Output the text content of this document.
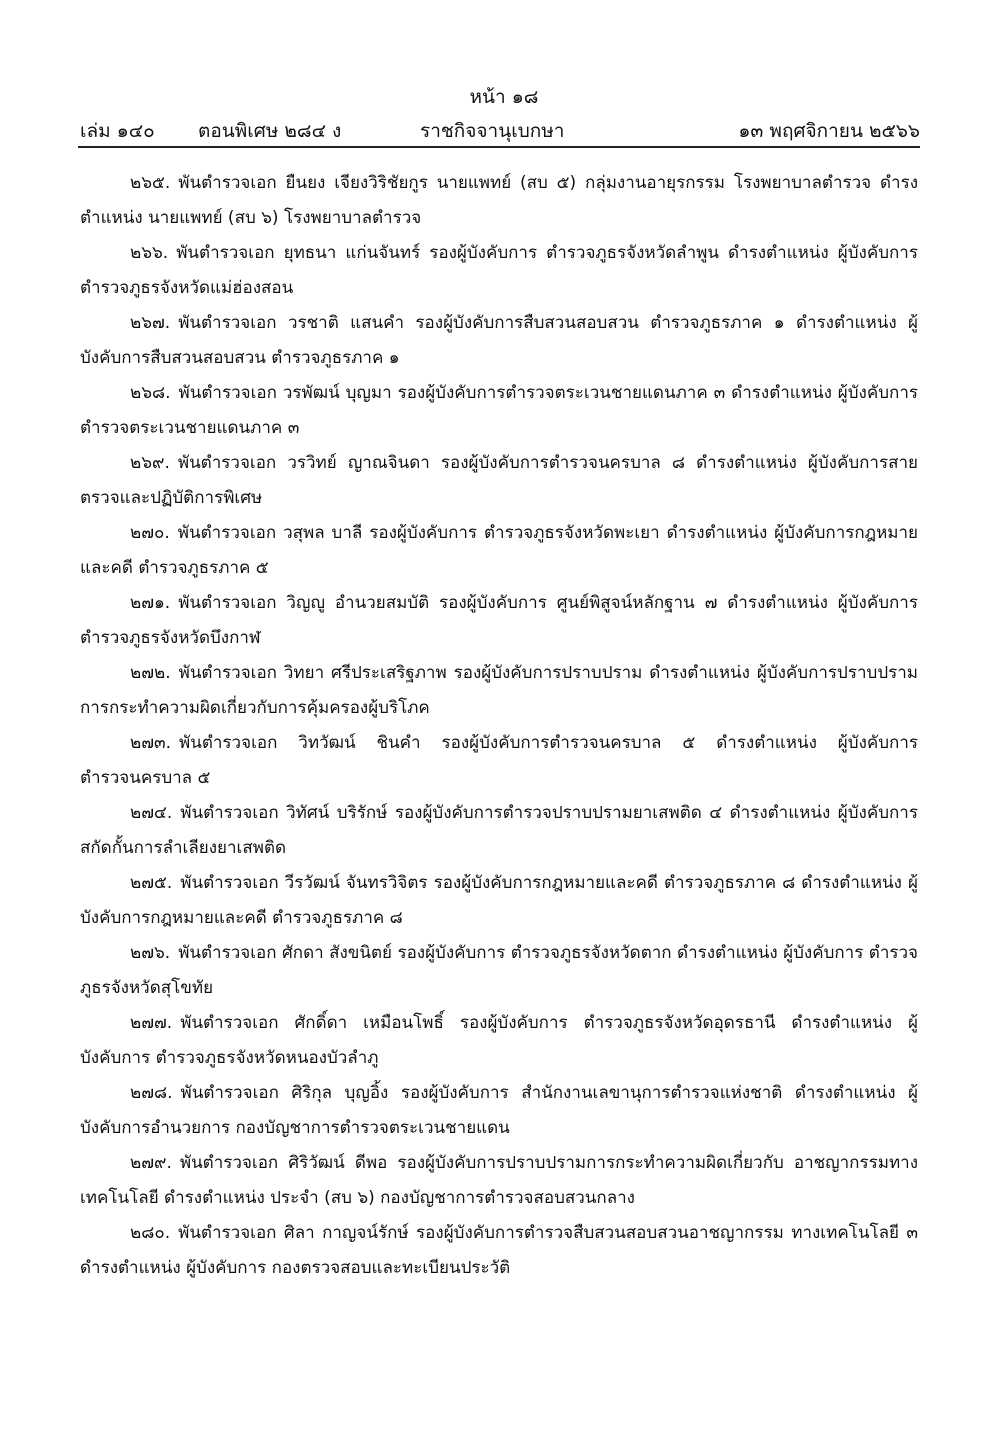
หน้า ๑๘
เล่ม ๑๔๐ ตอนพิเศษ ๒๘๔ ง	ราชกิจจานุเบกษา	๑๓ พฤศจิกายน ๒๕๖๖

๒๖๕. พันตำรวจเอก ยืนยง เจียงวิริชัยกูร นายแพทย์ (สบ ๕) กลุ่มงานอายุรกรรม โรงพยาบาลตำรวจ ดำรงตำแหน่ง นายแพทย์ (สบ ๖) โรงพยาบาลตำรวจ

๒๖๖. พันตำรวจเอก ยุทธนา แก่นจันทร์ รองผู้บังคับการ ตำรวจภูธรจังหวัดลำพูน ดำรงตำแหน่ง ผู้บังคับการ ตำรวจภูธรจังหวัดแม่ฮ่องสอน

๒๖๗. พันตำรวจเอก วรชาติ แสนคำ รองผู้บังคับการสืบสวนสอบสวน ตำรวจภูธรภาค ๑ ดำรงตำแหน่ง ผู้บังคับการสืบสวนสอบสวน ตำรวจภูธรภาค ๑

๒๖๘. พันตำรวจเอก วรพัฒน์ บุญมา รองผู้บังคับการตำรวจตระเวนชายแดนภาค ๓ ดำรงตำแหน่ง ผู้บังคับการตำรวจตระเวนชายแดนภาค ๓

๒๖๙. พันตำรวจเอก วรวิทย์ ญาณจินดา รองผู้บังคับการตำรวจนครบาล ๘ ดำรงตำแหน่ง ผู้บังคับการสายตรวจและปฏิบัติการพิเศษ

๒๗๐. พันตำรวจเอก วสุพล บาลี รองผู้บังคับการ ตำรวจภูธรจังหวัดพะเยา ดำรงตำแหน่ง ผู้บังคับการกฎหมายและคดี ตำรวจภูธรภาค ๕

๒๗๑. พันตำรวจเอก วิญญู อำนวยสมบัติ รองผู้บังคับการ ศูนย์พิสูจน์หลักฐาน ๗ ดำรงตำแหน่ง ผู้บังคับการ ตำรวจภูธรจังหวัดบึงกาฬ

๒๗๒. พันตำรวจเอก วิทยา ศรีประเสริฐภาพ รองผู้บังคับการปราบปราม ดำรงตำแหน่ง ผู้บังคับการปราบปรามการกระทำความผิดเกี่ยวกับการคุ้มครองผู้บริโภค

๒๗๓. พันตำรวจเอก วิทวัฒน์ ชินคำ รองผู้บังคับการตำรวจนครบาล ๕ ดำรงตำแหน่ง ผู้บังคับการตำรวจนครบาล ๕

๒๗๔. พันตำรวจเอก วิทัศน์ บริรักษ์ รองผู้บังคับการตำรวจปราบปรามยาเสพติด ๔ ดำรงตำแหน่ง ผู้บังคับการสกัดกั้นการลำเลียงยาเสพติด

๒๗๕. พันตำรวจเอก วีรวัฒน์ จันทรวิจิตร รองผู้บังคับการกฎหมายและคดี ตำรวจภูธรภาค ๘ ดำรงตำแหน่ง ผู้บังคับการกฎหมายและคดี ตำรวจภูธรภาค ๘

๒๗๖. พันตำรวจเอก ศักดา สังขนิตย์ รองผู้บังคับการ ตำรวจภูธรจังหวัดตาก ดำรงตำแหน่ง ผู้บังคับการ ตำรวจภูธรจังหวัดสุโขทัย

๒๗๗. พันตำรวจเอก ศักดิ์ดา เหมือนโพธิ์ รองผู้บังคับการ ตำรวจภูธรจังหวัดอุดรธานี ดำรงตำแหน่ง ผู้บังคับการ ตำรวจภูธรจังหวัดหนองบัวลำภู

๒๗๘. พันตำรวจเอก ศิริกุล บุญอิ้ง รองผู้บังคับการ สำนักงานเลขานุการตำรวจแห่งชาติ ดำรงตำแหน่ง ผู้บังคับการอำนวยการ กองบัญชาการตำรวจตระเวนชายแดน

๒๗๙. พันตำรวจเอก ศิริวัฒน์ ดีพอ รองผู้บังคับการปราบปรามการกระทำความผิดเกี่ยวกับ อาชญากรรมทางเทคโนโลยี ดำรงตำแหน่ง ประจำ (สบ ๖) กองบัญชาการตำรวจสอบสวนกลาง

๒๘๐. พันตำรวจเอก ศิลา กาญจน์รักษ์ รองผู้บังคับการตำรวจสืบสวนสอบสวนอาชญากรรม ทางเทคโนโลยี ๓ ดำรงตำแหน่ง ผู้บังคับการ กองตรวจสอบและทะเบียนประวัติ
